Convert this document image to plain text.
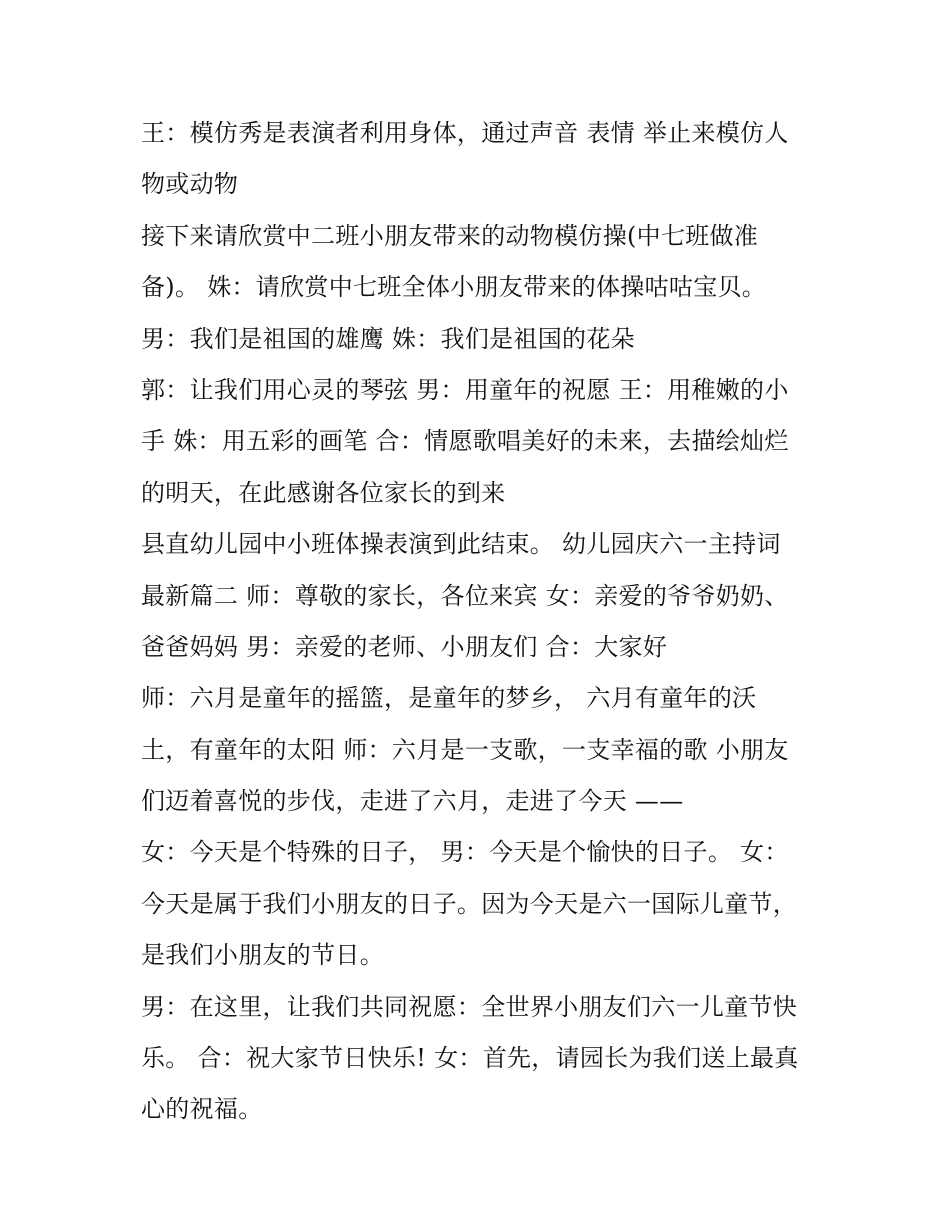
王：模仿秀是表演者利用身体，通过声音 表情 举止来模仿人
物或动物
接下来请欣赏中二班小朋友带来的动物模仿操(中七班做准
备)。 姝：请欣赏中七班全体小朋友带来的体操咕咕宝贝。
男：我们是祖国的雄鹰 姝：我们是祖国的花朵
郭：让我们用心灵的琴弦 男：用童年的祝愿 王：用稚嫩的小
手 姝：用五彩的画笔 合：情愿歌唱美好的未来，去描绘灿烂
的明天，在此感谢各位家长的到来
县直幼儿园中小班体操表演到此结束。 幼儿园庆六一主持词
最新篇二 师：尊敬的家长，各位来宾 女：亲爱的爷爷奶奶、
爸爸妈妈 男：亲爱的老师、小朋友们 合：大家好
师：六月是童年的摇篮，是童年的梦乡， 六月有童年的沃
土，有童年的太阳 师：六月是一支歌，一支幸福的歌 小朋友
们迈着喜悦的步伐，走进了六月，走进了今天 ——
女：今天是个特殊的日子， 男：今天是个愉快的日子。 女：
今天是属于我们小朋友的日子。因为今天是六一国际儿童节，
是我们小朋友的节日。
男：在这里，让我们共同祝愿：全世界小朋友们六一儿童节快
乐。 合：祝大家节日快乐! 女：首先，请园长为我们送上最真
心的祝福。
